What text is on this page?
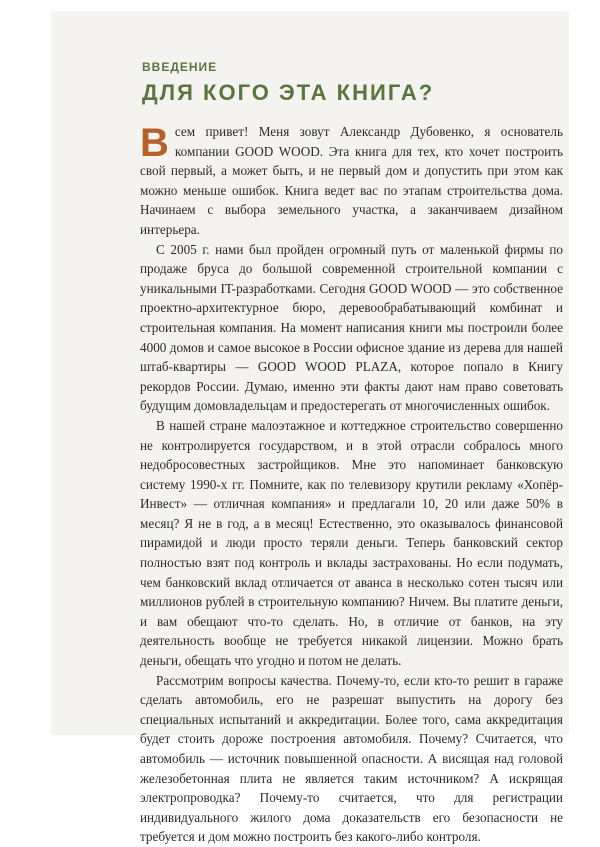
ВВЕДЕНИЕ
ДЛЯ КОГО ЭТА КНИГА?

Всем привет! Меня зовут Александр Дубовенко, я основатель компании GOOD WOOD. Эта книга для тех, кто хочет построить свой первый, а может быть, и не первый дом и допустить при этом как можно меньше ошибок. Книга ведет вас по этапам строительства дома. Начинаем с выбора земельного участка, а заканчиваем дизайном интерьера.

С 2005 г. нами был пройден огромный путь от маленькой фирмы по продаже бруса до большой современной строительной компании с уникальными IT-разработками. Сегодня GOOD WOOD — это собственное проектно-архитектурное бюро, деревообрабатывающий комбинат и строительная компания. На момент написания книги мы построили более 4000 домов и самое высокое в России офисное здание из дерева для нашей штаб-квартиры — GOOD WOOD PLAZA, которое попало в Книгу рекордов России. Думаю, именно эти факты дают нам право советовать будущим домовладельцам и предостерегать от многочисленных ошибок.

В нашей стране малоэтажное и коттеджное строительство совершенно не контролируется государством, и в этой отрасли собралось много недобросовестных застройщиков. Мне это напоминает банковскую систему 1990-х гг. Помните, как по телевизору крутили рекламу «Хопёр-Инвест» — отличная компания» и предлагали 10, 20 или даже 50% в месяц? Я не в год, а в месяц! Естественно, это оказывалось финансовой пирамидой и люди просто теряли деньги. Теперь банковский сектор полностью взят под контроль и вклады застрахованы. Но если подумать, чем банковский вклад отличается от аванса в несколько сотен тысяч или миллионов рублей в строительную компанию? Ничем. Вы платите деньги, и вам обещают что-то сделать. Но, в отличие от банков, на эту деятельность вообще не требуется никакой лицензии. Можно брать деньги, обещать что угодно и потом не делать.

Рассмотрим вопросы качества. Почему-то, если кто-то решит в гараже сделать автомобиль, его не разрешат выпустить на дорогу без специальных испытаний и аккредитации. Более того, сама аккредитация будет стоить дороже построения автомобиля. Почему? Считается, что автомобиль — источник повышенной опасности. А висящая над головой железобетонная плита не является таким источником? А искрящая электропроводка? Почему-то считается, что для регистрации индивидуального жилого дома доказательств его безопасности не требуется и дом можно построить без какого-либо контроля.
